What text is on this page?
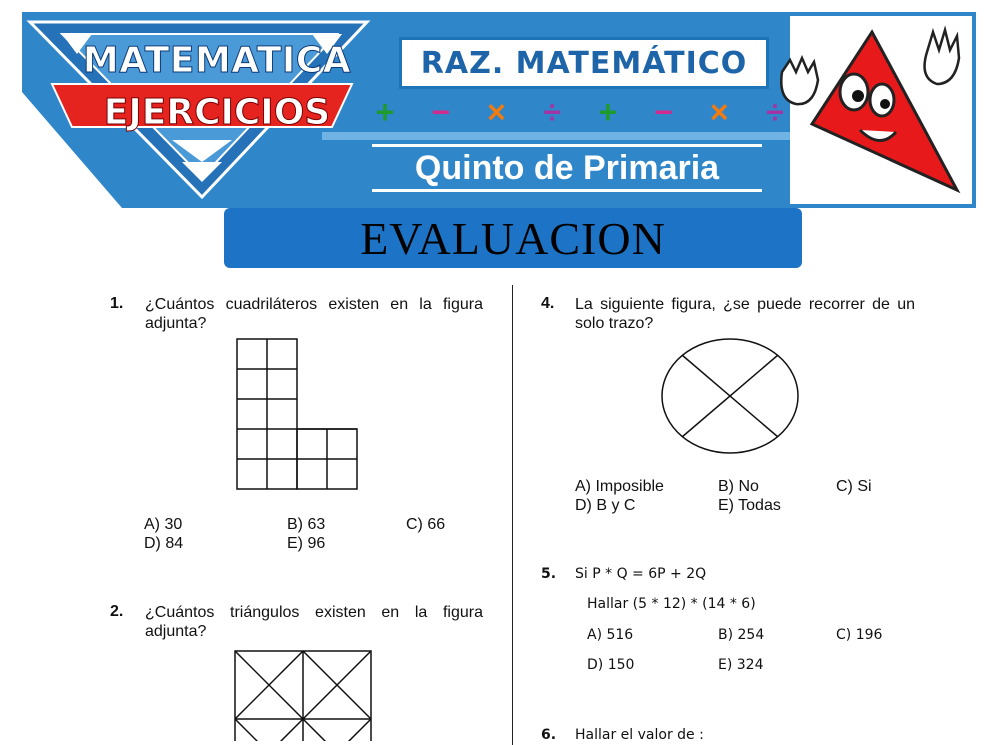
MATEMATICA
EJERCICIOS
RAZ. MATEMÁTICO
+	−	×	÷	+	−	×	÷
Quinto de Primaria
EVALUACION
1. ¿Cuántos cuadriláteros existen en la figura adjunta?
A) 30	B) 63	C) 66
D) 84	E) 96
2. ¿Cuántos triángulos existen en la figura adjunta?
4. La siguiente figura, ¿se puede recorrer de un solo trazo?
A) Imposible	B) No	C) Si
D) B y C	E) Todas
5. Si P * Q = 6P + 2Q
Hallar (5 * 12) * (14 * 6)
A) 516	B) 254	C) 196
D) 150	E) 324
6. Hallar el valor de :
